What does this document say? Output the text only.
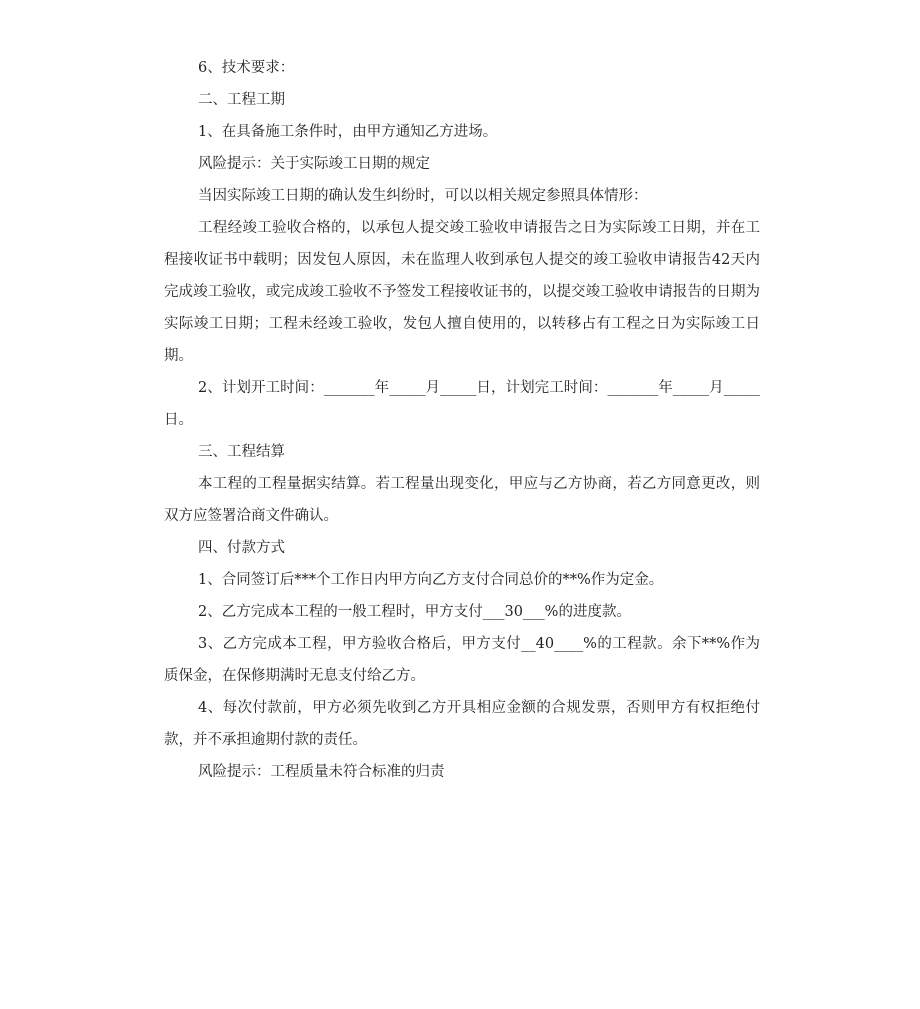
6、技术要求：

二、工程工期

1、在具备施工条件时，由甲方通知乙方进场。

风险提示：关于实际竣工日期的规定

当因实际竣工日期的确认发生纠纷时，可以以相关规定参照具体情形：

工程经竣工验收合格的，以承包人提交竣工验收申请报告之日为实际竣工日期，并在工程接收证书中载明；因发包人原因，未在监理人收到承包人提交的竣工验收申请报告42天内完成竣工验收，或完成竣工验收不予签发工程接收证书的，以提交竣工验收申请报告的日期为实际竣工日期；工程未经竣工验收，发包人擅自使用的，以转移占有工程之日为实际竣工日期。

2、计划开工时间：_______年_____月_____日，计划完工时间：_______年_____月_____日。

三、工程结算

本工程的工程量据实结算。若工程量出现变化，甲应与乙方协商，若乙方同意更改，则双方应签署洽商文件确认。

四、付款方式

1、合同签订后***个工作日内甲方向乙方支付合同总价的**%作为定金。

2、乙方完成本工程的一般工程时，甲方支付___30___%的进度款。

3、乙方完成本工程，甲方验收合格后，甲方支付__40____%的工程款。余下**%作为质保金，在保修期满时无息支付给乙方。

4、每次付款前，甲方必须先收到乙方开具相应金额的合规发票，否则甲方有权拒绝付款，并不承担逾期付款的责任。

风险提示：工程质量未符合标准的归责
